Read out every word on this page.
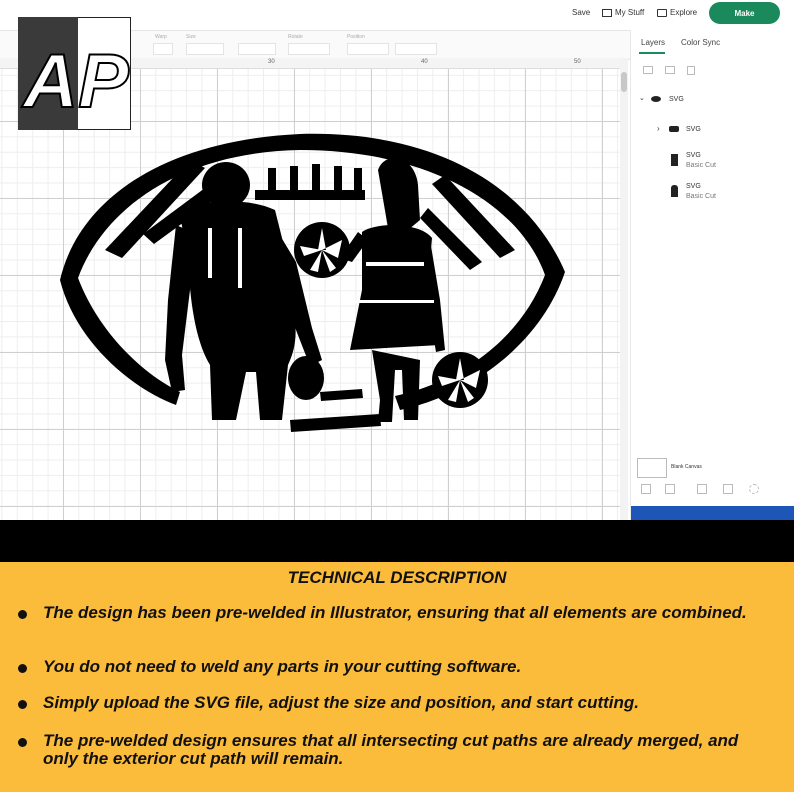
Save	My Stuff	Explore	Make
Warp	Size	Rotate	Position
30	40	50
AP	Layers Color Sync
⌄	SVG
›	SVG
SVG
Basic Cut
SVG
Basic Cut
Blank Canvas
TECHNICAL DESCRIPTION
The design has been pre-welded in Illustrator, ensuring that all elements are combined.
You do not need to weld any parts in your cutting software.
Simply upload the SVG file, adjust the size and position, and start cutting.
The pre-welded design ensures that all intersecting cut paths are already merged, and only the exterior cut path will remain.
